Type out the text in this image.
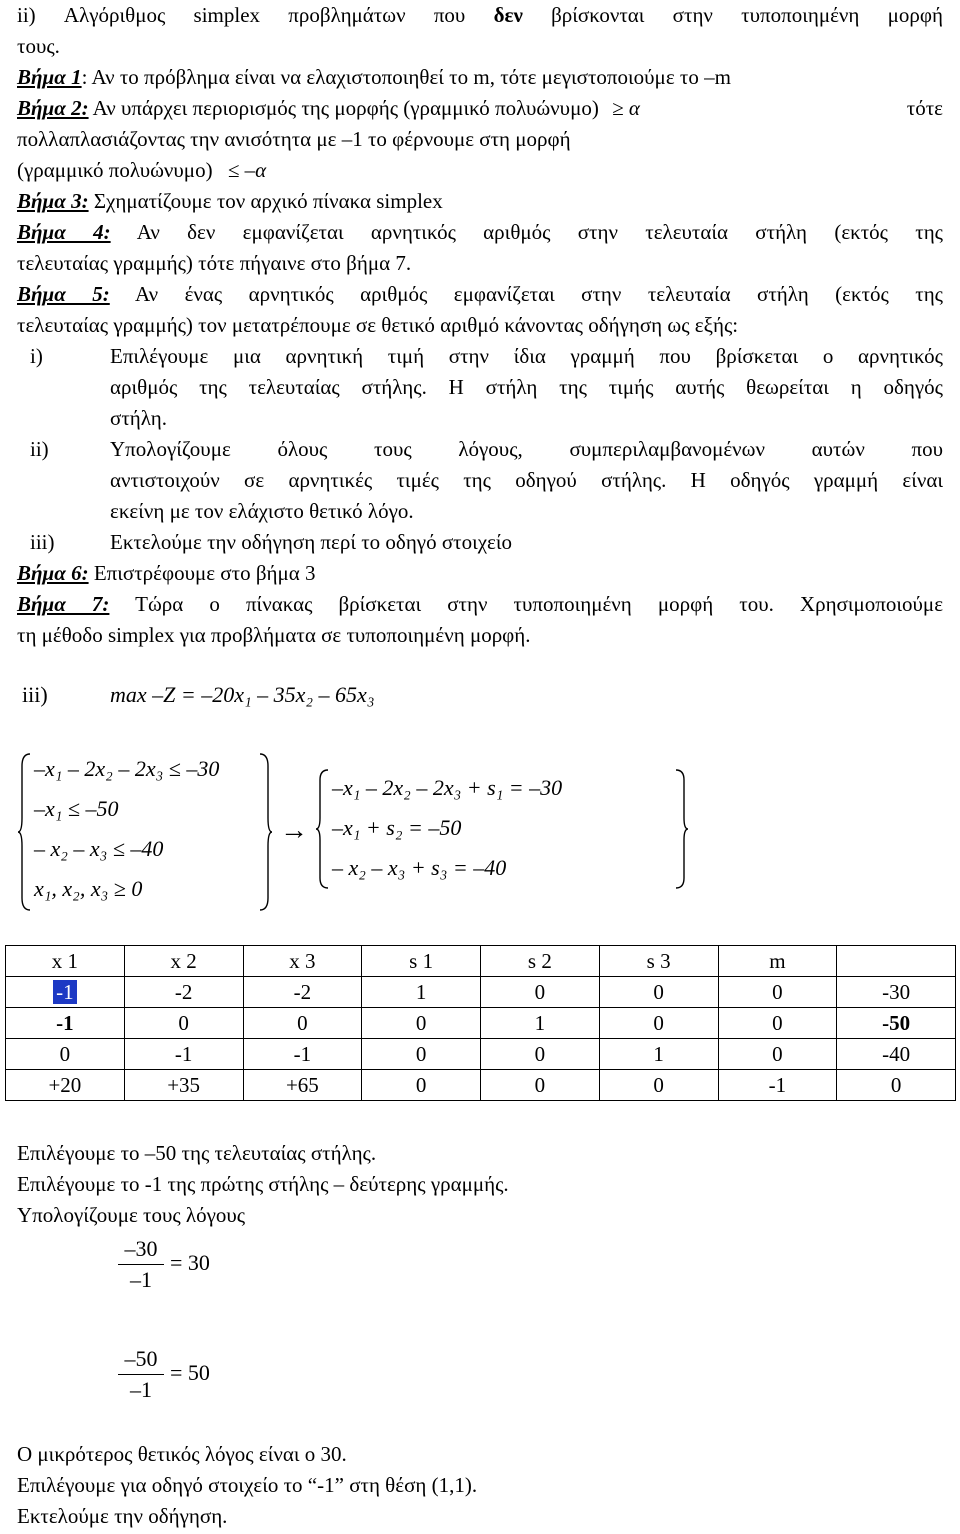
ii) Αλγόριθμος simplex προβλημάτων που δεν βρίσκονται στην τυποποιημένη μορφή
τους.
Βήμα 1: Αν το πρόβλημα είναι να ελαχιστοποιηθεί το m, τότε μεγιστοποιούμε το –m
Βήμα 2: Αν υπάρχει περιορισμός της μορφής (γραμμικό πολυώνυμο) ≥ α	τότε
πολλαπλασιάζοντας την ανισότητα με –1 το φέρνουμε στη μορφή
(γραμμικό πολυώνυμο) ≤ –α
Βήμα 3: Σχηματίζουμε τον αρχικό πίνακα simplex
Βήμα 4: Αν δεν εμφανίζεται αρνητικός αριθμός στην τελευταία στήλη (εκτός της
τελευταίας γραμμής) τότε πήγαινε στο βήμα 7.
Βήμα 5: Αν ένας αρνητικός αριθμός εμφανίζεται στην τελευταία στήλη (εκτός της
τελευταίας γραμμής) τον μετατρέπουμε σε θετικό αριθμό κάνοντας οδήγηση ως εξής:
i)	Επιλέγουμε μια αρνητική τιμή στην ίδια γραμμή που βρίσκεται ο αρνητικός
αριθμός της τελευταίας στήλης. Η στήλη της τιμής αυτής θεωρείται η οδηγός
στήλη.
ii)	Υπολογίζουμε όλους τους λόγους, συμπεριλαμβανομένων αυτών που
αντιστοιχούν σε αρνητικές τιμές της οδηγού στήλης. Η οδηγός γραμμή είναι
εκείνη με τον ελάχιστο θετικό λόγο.
iii)	Εκτελούμε την οδήγηση περί το οδηγό στοιχείο
Βήμα 6: Επιστρέφουμε στο βήμα 3
Βήμα 7: Τώρα ο πίνακας βρίσκεται στην τυποποιημένη μορφή του. Χρησιμοποιούμε
τη μέθοδο simplex για προβλήματα σε τυποποιημένη μορφή.
iii)	max –Z = –20x₁ – 35x₂ – 65x₃
–x₁ – 2x₂ – 2x₃ ≤ –30
–x₁ ≤ –50
– x₂ – x₃ ≤ –40
x₁, x₂, x₃ ≥ 0
→
–x₁ – 2x₂ – 2x₃ + s₁ = –30
–x₁ + s₂ = –50
– x₂ – x₃ + s₃ = –40
x 1	x 2	x 3	s 1	s 2	s 3	m	
-1	-2	-2	1	0	0	0	-30
-1	0	0	0	1	0	0	-50
0	-1	-1	0	0	1	0	-40
+20	+35	+65	0	0	0	-1	0
Επιλέγουμε το –50 της τελευταίας στήλης.
Επιλέγουμε το -1 της πρώτης στήλης – δεύτερης γραμμής.
Υπολογίζουμε τους λόγους
–30
–1
= 30
–50
–1
= 50
Ο μικρότερος θετικός λόγος είναι ο 30.
Επιλέγουμε για οδηγό στοιχείο το “-1” στη θέση (1,1).
Εκτελούμε την οδήγηση.
